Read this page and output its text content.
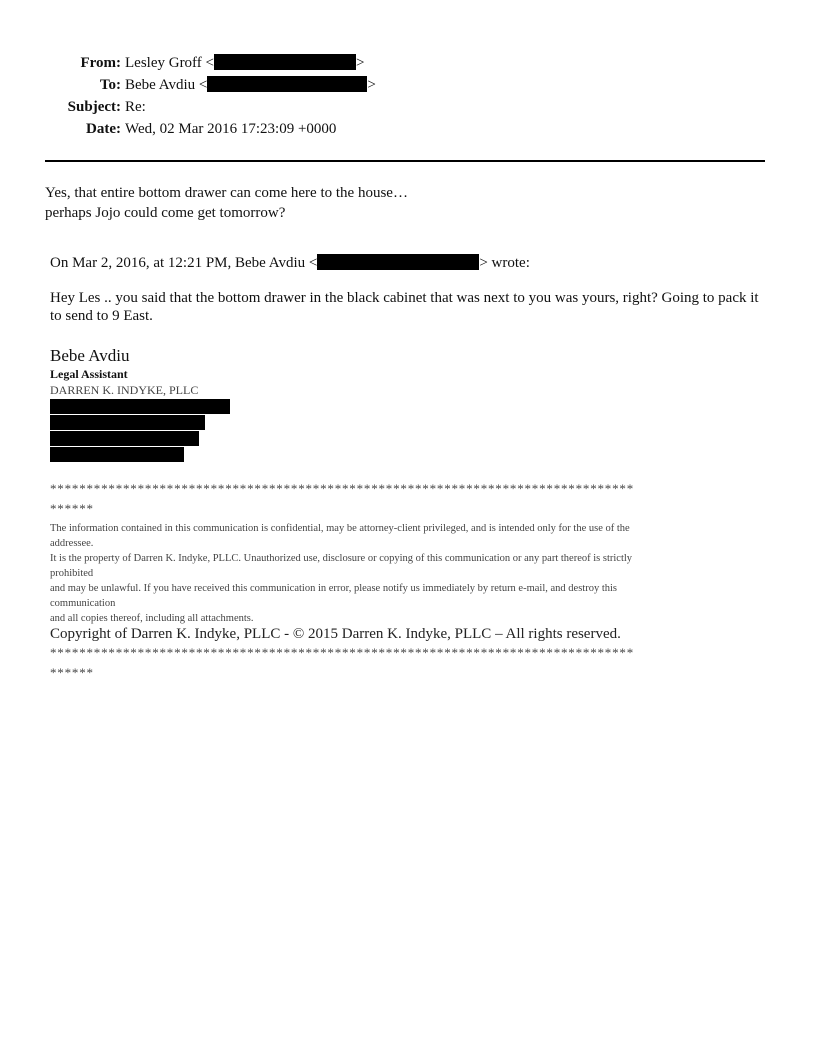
From: Lesley Groff <	>
To: Bebe Avdiu <	>
Subject: Re:
Date: Wed, 02 Mar 2016 17:23:09 +0000
Yes, that entire bottom drawer can come here to the house…
perhaps Jojo could come get tomorrow?
On Mar 2, 2016, at 12:21 PM, Bebe Avdiu <	> wrote:
Hey Les .. you said that the bottom drawer in the black cabinet that was next to you was yours, right? Going to pack it to send to 9 East.
Bebe Avdiu
Legal Assistant
DARREN K. INDYKE, PLLC
********************************************************************************
******
The information contained in this communication is confidential, may be attorney-client privileged, and is intended only for the use of the
addressee.
It is the property of Darren K. Indyke, PLLC. Unauthorized use, disclosure or copying of this communication or any part thereof is strictly
prohibited
and may be unlawful. If you have received this communication in error, please notify us immediately by return e-mail, and destroy this
communication
and all copies thereof, including all attachments.
Copyright of Darren K. Indyke, PLLC - © 2015 Darren K. Indyke, PLLC – All rights reserved.
********************************************************************************
******
